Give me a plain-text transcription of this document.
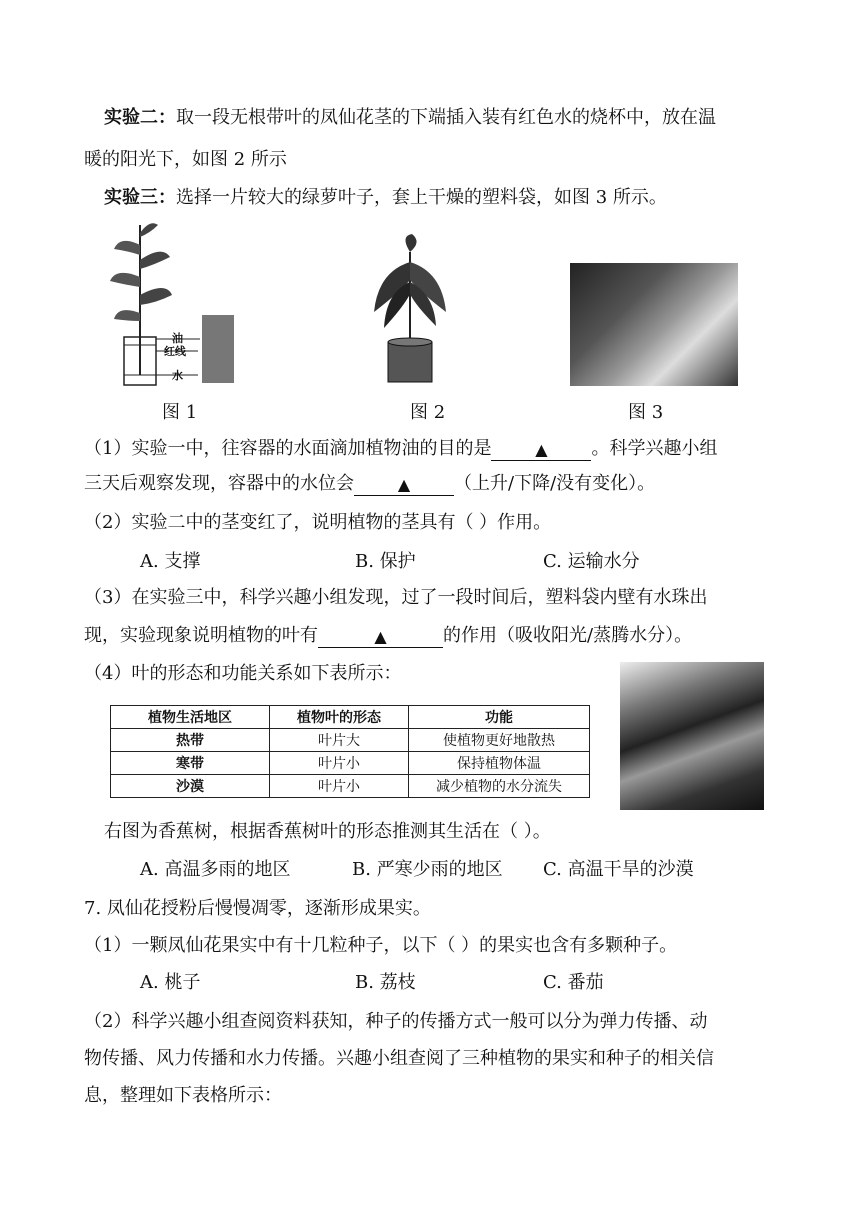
实验二：取一段无根带叶的凤仙花茎的下端插入装有红色水的烧杯中，放在温
暖的阳光下，如图 2 所示
实验三：选择一片较大的绿萝叶子，套上干燥的塑料袋，如图 3 所示。
油
红线
水
图 1	图 2	图 3
（1）实验一中，往容器的水面滴加植物油的目的是	▲ 。科学兴趣小组
三天后观察发现，容器中的水位会	▲ （上升/下降/没有变化）。
（2）实验二中的茎变红了，说明植物的茎具有（ ）作用。
A. 支撑	B. 保护	C. 运输水分
（3）在实验三中，科学兴趣小组发现，过了一段时间后，塑料袋内壁有水珠出
现，实验现象说明植物的叶有	▲	的作用（吸收阳光/蒸腾水分）。
（4）叶的形态和功能关系如下表所示：
植物生活地区	植物叶的形态	功能
热带	叶片大	使植物更好地散热
寒带	叶片小	保持植物体温
沙漠	叶片小	减少植物的水分流失
右图为香蕉树，根据香蕉树叶的形态推测其生活在（ ）。
A. 高温多雨的地区	B. 严寒少雨的地区 C. 高温干旱的沙漠
7. 凤仙花授粉后慢慢凋零，逐渐形成果实。
（1）一颗凤仙花果实中有十几粒种子，以下（ ）的果实也含有多颗种子。
A. 桃子	B. 荔枝	C. 番茄
（2）科学兴趣小组查阅资料获知，种子的传播方式一般可以分为弹力传播、动
物传播、风力传播和水力传播。兴趣小组查阅了三种植物的果实和种子的相关信
息，整理如下表格所示：
